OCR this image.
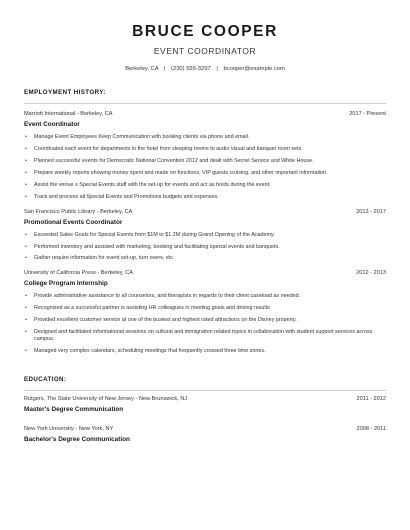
BRUCE COOPER
EVENT COORDINATOR
Berkeley, CA | (230) 555-3297 | bcooper@example.com
EMPLOYMENT HISTORY:
Marriott International - Berkeley, CA	2017 - Present
Event Coordinator
• Manage Event Employees Keep Communication with booking clients via phone and email.
• Coordinated each event for departments in the hotel from sleeping rooms to audio visual and banquet room sets.
• Planned successful events for Democratic National Convention 2012 and dealt with Secret Service and White House.
• Prepare weekly reports showing money spent and made on functions, VIP guests cruising, and other important information.
• Assist the venue s Special Events staff with the set-up for events and act as hosts during the event.
• Track and process all Special Events and Promotions budgets and expenses.
San Francisco Public Library - Berkeley, CA	2013 - 2017
Promotional Events Coordinator
• Exceeded Sales Goals for Special Events from $1M to $1.2M during Grand Opening of the Academy.
• Performed inventory and assisted with marketing, booking and facilitating special events and banquets.
• Gather require information for event set-up, turn overs, etc.
University of California Press - Berkeley, CA	2012 - 2013
College Program Internship
• Provide administrative assistance to all counselors, and therapists in regards to their client caseload as needed.
• Recognized as a successful partner is assisting HR colleagues in meeting goals and driving results
• Provided excellent customer service at one of the busiest and highest rated attractions on the Disney property.
• Designed and facilitated informational sessions on cultural and immigration related topics in collaboration with student support services across campus.
• Managed very complex calendars, scheduling meetings that frequently crossed three time zones.
EDUCATION:
Rutgers, The State University of New Jersey - New Brunswick, NJ	2011 - 2012
Master's Degree Communication
New York University - New York, NY	2008 - 2011
Bachelor's Degree Communication
